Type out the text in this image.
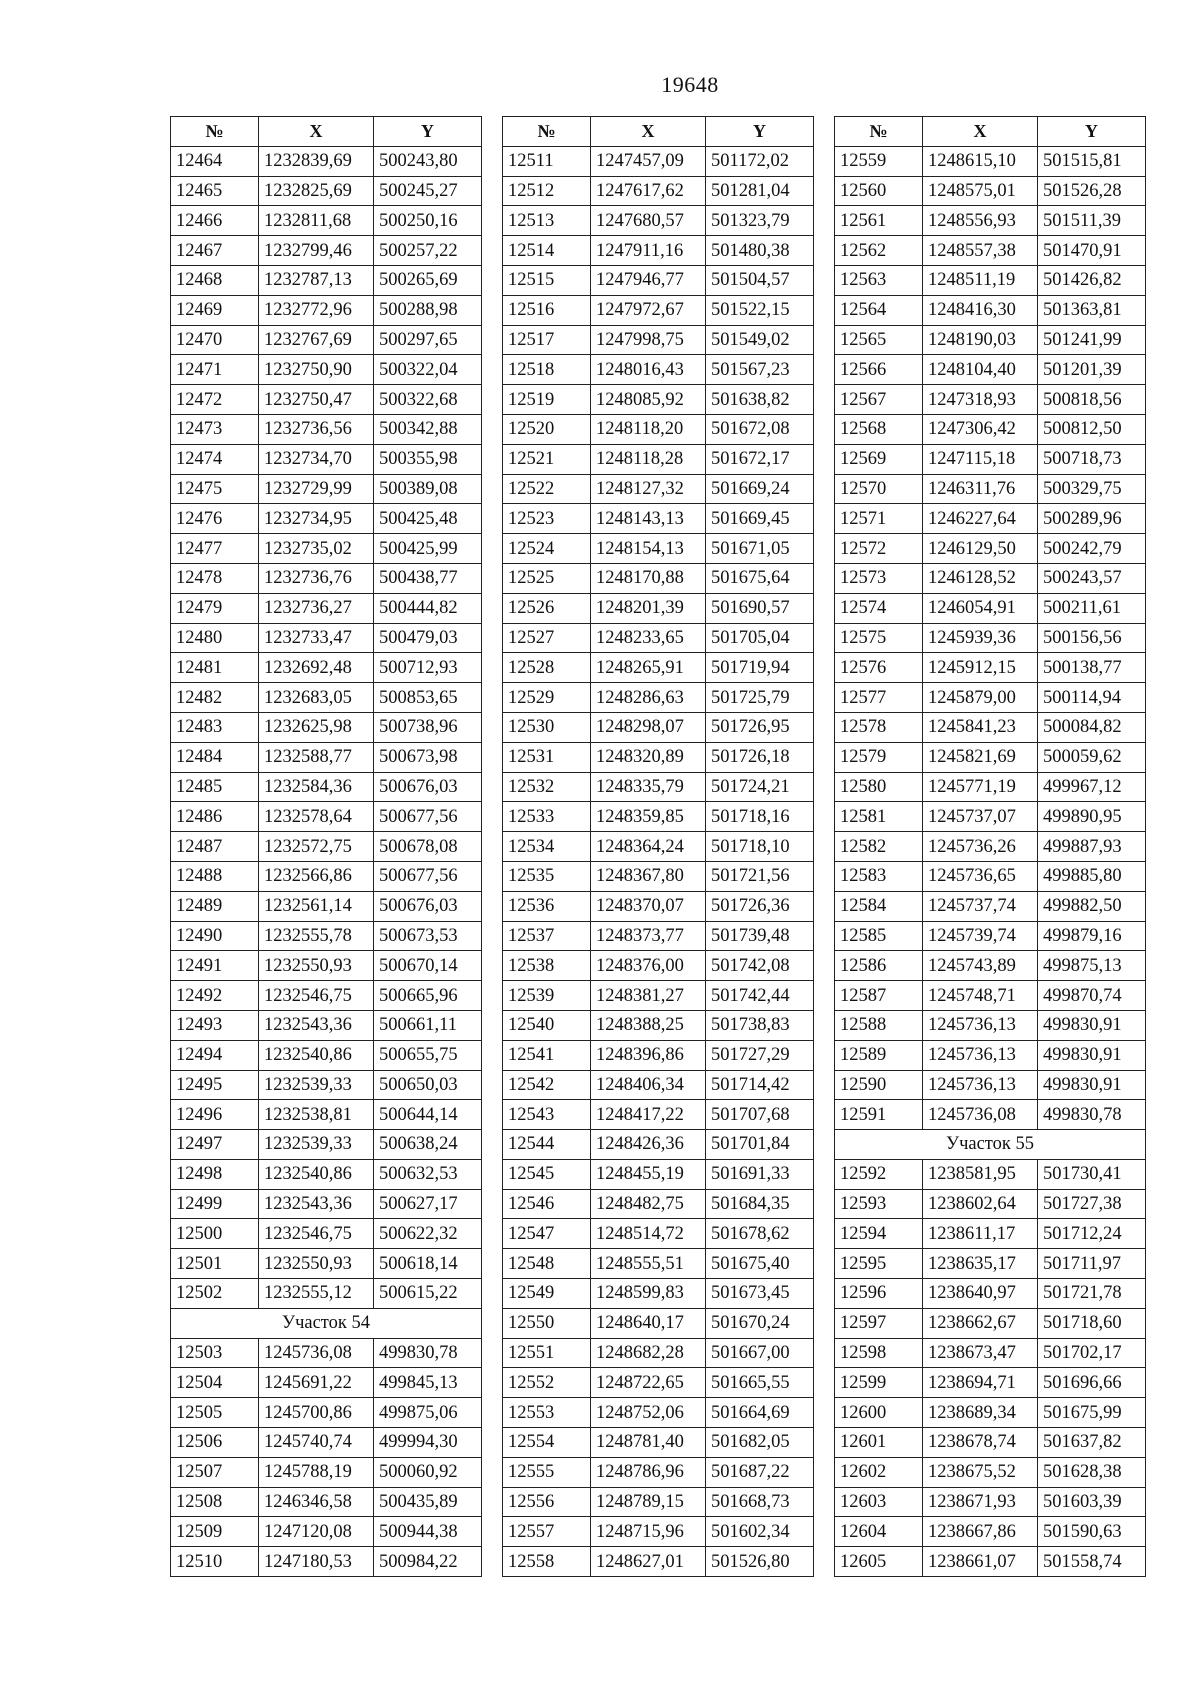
19648
№	X	Y
12464	1232839,69	500243,80
12465	1232825,69	500245,27
12466	1232811,68	500250,16
12467	1232799,46	500257,22
12468	1232787,13	500265,69
12469	1232772,96	500288,98
12470	1232767,69	500297,65
12471	1232750,90	500322,04
12472	1232750,47	500322,68
12473	1232736,56	500342,88
12474	1232734,70	500355,98
12475	1232729,99	500389,08
12476	1232734,95	500425,48
12477	1232735,02	500425,99
12478	1232736,76	500438,77
12479	1232736,27	500444,82
12480	1232733,47	500479,03
12481	1232692,48	500712,93
12482	1232683,05	500853,65
12483	1232625,98	500738,96
12484	1232588,77	500673,98
12485	1232584,36	500676,03
12486	1232578,64	500677,56
12487	1232572,75	500678,08
12488	1232566,86	500677,56
12489	1232561,14	500676,03
12490	1232555,78	500673,53
12491	1232550,93	500670,14
12492	1232546,75	500665,96
12493	1232543,36	500661,11
12494	1232540,86	500655,75
12495	1232539,33	500650,03
12496	1232538,81	500644,14
12497	1232539,33	500638,24
12498	1232540,86	500632,53
12499	1232543,36	500627,17
12500	1232546,75	500622,32
12501	1232550,93	500618,14
12502	1232555,12	500615,22
Участок 54		
12503	1245736,08	499830,78
12504	1245691,22	499845,13
12505	1245700,86	499875,06
12506	1245740,74	499994,30
12507	1245788,19	500060,92
12508	1246346,58	500435,89
12509	1247120,08	500944,38
12510	1247180,53	500984,22
№	X	Y
12511	1247457,09	501172,02
12512	1247617,62	501281,04
12513	1247680,57	501323,79
12514	1247911,16	501480,38
12515	1247946,77	501504,57
12516	1247972,67	501522,15
12517	1247998,75	501549,02
12518	1248016,43	501567,23
12519	1248085,92	501638,82
12520	1248118,20	501672,08
12521	1248118,28	501672,17
12522	1248127,32	501669,24
12523	1248143,13	501669,45
12524	1248154,13	501671,05
12525	1248170,88	501675,64
12526	1248201,39	501690,57
12527	1248233,65	501705,04
12528	1248265,91	501719,94
12529	1248286,63	501725,79
12530	1248298,07	501726,95
12531	1248320,89	501726,18
12532	1248335,79	501724,21
12533	1248359,85	501718,16
12534	1248364,24	501718,10
12535	1248367,80	501721,56
12536	1248370,07	501726,36
12537	1248373,77	501739,48
12538	1248376,00	501742,08
12539	1248381,27	501742,44
12540	1248388,25	501738,83
12541	1248396,86	501727,29
12542	1248406,34	501714,42
12543	1248417,22	501707,68
12544	1248426,36	501701,84
12545	1248455,19	501691,33
12546	1248482,75	501684,35
12547	1248514,72	501678,62
12548	1248555,51	501675,40
12549	1248599,83	501673,45
12550	1248640,17	501670,24
12551	1248682,28	501667,00
12552	1248722,65	501665,55
12553	1248752,06	501664,69
12554	1248781,40	501682,05
12555	1248786,96	501687,22
12556	1248789,15	501668,73
12557	1248715,96	501602,34
12558	1248627,01	501526,80
№	X	Y
12559	1248615,10	501515,81
12560	1248575,01	501526,28
12561	1248556,93	501511,39
12562	1248557,38	501470,91
12563	1248511,19	501426,82
12564	1248416,30	501363,81
12565	1248190,03	501241,99
12566	1248104,40	501201,39
12567	1247318,93	500818,56
12568	1247306,42	500812,50
12569	1247115,18	500718,73
12570	1246311,76	500329,75
12571	1246227,64	500289,96
12572	1246129,50	500242,79
12573	1246128,52	500243,57
12574	1246054,91	500211,61
12575	1245939,36	500156,56
12576	1245912,15	500138,77
12577	1245879,00	500114,94
12578	1245841,23	500084,82
12579	1245821,69	500059,62
12580	1245771,19	499967,12
12581	1245737,07	499890,95
12582	1245736,26	499887,93
12583	1245736,65	499885,80
12584	1245737,74	499882,50
12585	1245739,74	499879,16
12586	1245743,89	499875,13
12587	1245748,71	499870,74
12588	1245736,13	499830,91
12589	1245736,13	499830,91
12590	1245736,13	499830,91
12591	1245736,08	499830,78
Участок 55		
12592	1238581,95	501730,41
12593	1238602,64	501727,38
12594	1238611,17	501712,24
12595	1238635,17	501711,97
12596	1238640,97	501721,78
12597	1238662,67	501718,60
12598	1238673,47	501702,17
12599	1238694,71	501696,66
12600	1238689,34	501675,99
12601	1238678,74	501637,82
12602	1238675,52	501628,38
12603	1238671,93	501603,39
12604	1238667,86	501590,63
12605	1238661,07	501558,74
